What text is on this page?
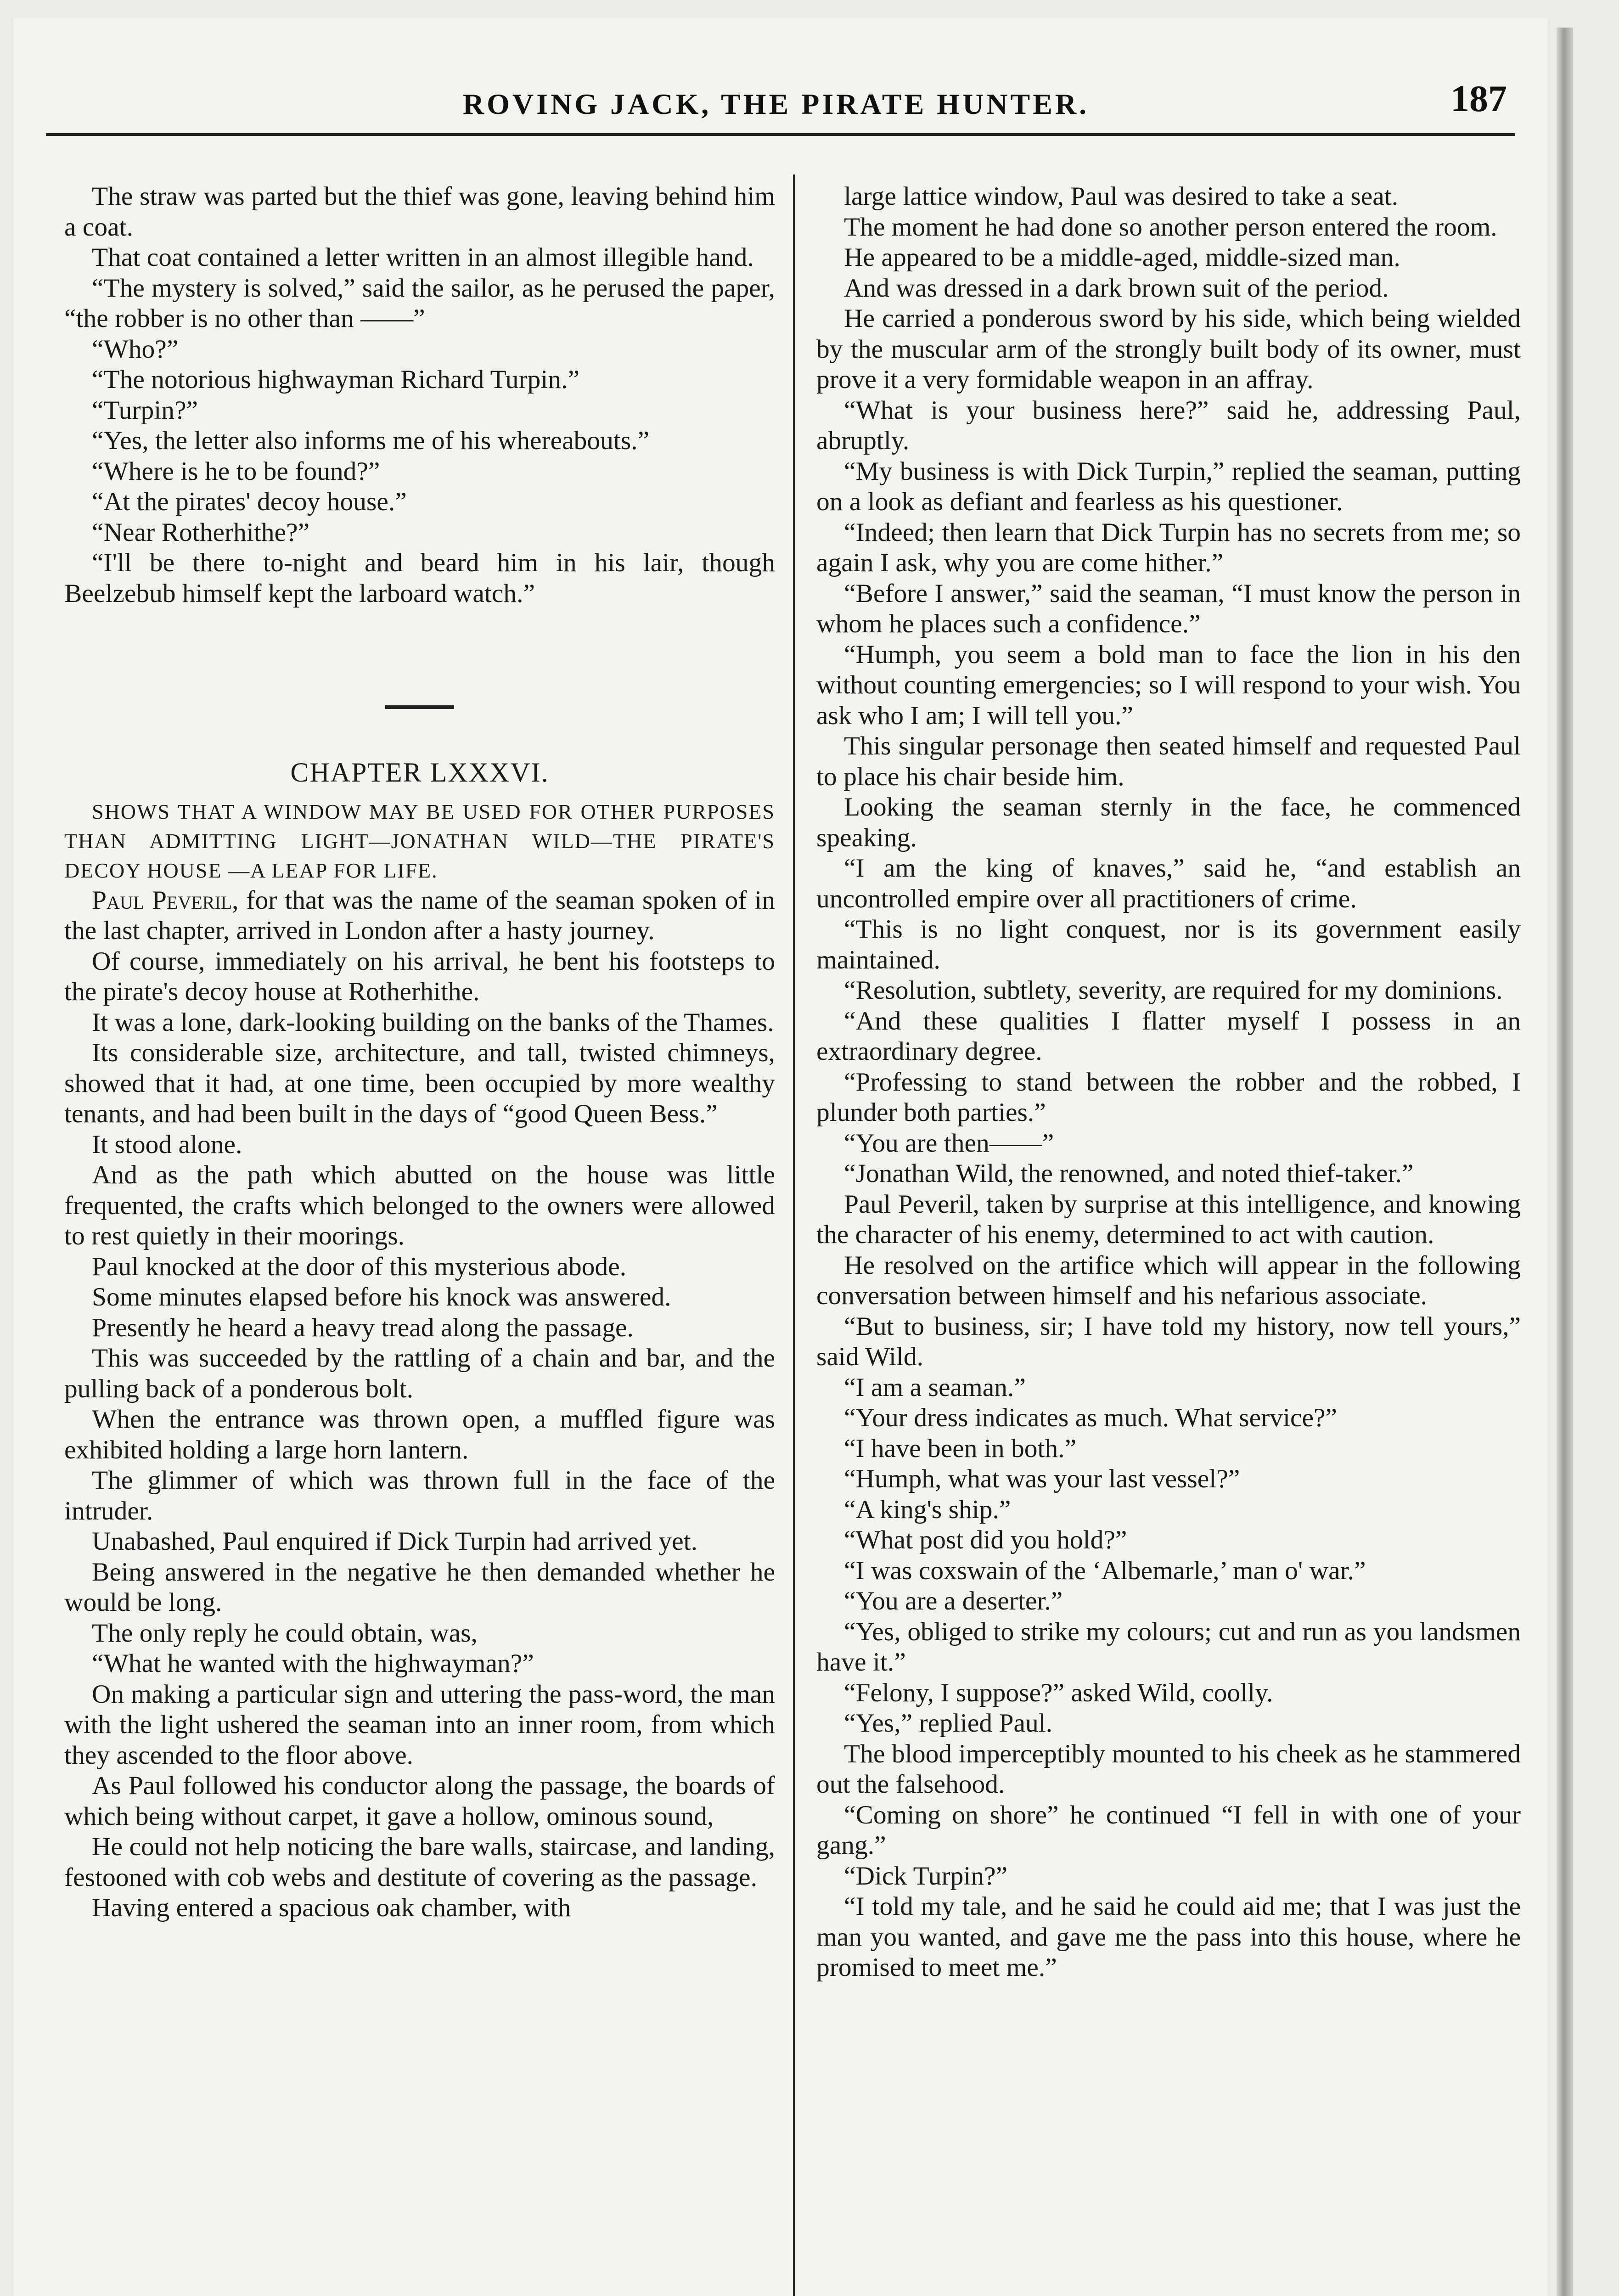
ROVING JACK, THE PIRATE HUNTER.	187

The straw was parted but the thief was gone, leaving behind him a coat.

That coat contained a letter written in an almost illegible hand.

“The mystery is solved,” said the sailor, as he perused the paper, “the robber is no other than ——”

“Who?”

“The notorious highwayman Richard Turpin.”

“Turpin?”

“Yes, the letter also informs me of his whereabouts.”

“Where is he to be found?”

“At the pirates' decoy house.”

“Near Rotherhithe?”

“I'll be there to-night and beard him in his lair, though Beelzebub himself kept the larboard watch.”

CHAPTER LXXXVI.

SHOWS THAT A WINDOW MAY BE USED FOR OTHER PURPOSES THAN ADMITTING LIGHT—JONATHAN WILD—THE PIRATE'S DECOY HOUSE —A LEAP FOR LIFE.

Paul Peveril, for that was the name of the seaman spoken of in the last chapter, arrived in London after a hasty journey.

Of course, immediately on his arrival, he bent his footsteps to the pirate's decoy house at Rotherhithe.

It was a lone, dark-looking building on the banks of the Thames.

Its considerable size, architecture, and tall, twisted chimneys, showed that it had, at one time, been occupied by more wealthy tenants, and had been built in the days of “good Queen Bess.”

It stood alone.

And as the path which abutted on the house was little frequented, the crafts which belonged to the owners were allowed to rest quietly in their moorings.

Paul knocked at the door of this mysterious abode.

Some minutes elapsed before his knock was answered.

Presently he heard a heavy tread along the passage.

This was succeeded by the rattling of a chain and bar, and the pulling back of a ponderous bolt.

When the entrance was thrown open, a muffled figure was exhibited holding a large horn lantern.

The glimmer of which was thrown full in the face of the intruder.

Unabashed, Paul enquired if Dick Turpin had arrived yet.

Being answered in the negative he then demanded whether he would be long.

The only reply he could obtain, was,

“What he wanted with the highwayman?”

On making a particular sign and uttering the pass-word, the man with the light ushered the seaman into an inner room, from which they ascended to the floor above.

As Paul followed his conductor along the passage, the boards of which being without carpet, it gave a hollow, ominous sound,

He could not help noticing the bare walls, staircase, and landing, festooned with cob webs and destitute of covering as the passage.

Having entered a spacious oak chamber, with

large lattice window, Paul was desired to take a seat.

The moment he had done so another person entered the room.

He appeared to be a middle-aged, middle-sized man.

And was dressed in a dark brown suit of the period.

He carried a ponderous sword by his side, which being wielded by the muscular arm of the strongly built body of its owner, must prove it a very formidable weapon in an affray.

“What is your business here?” said he, addressing Paul, abruptly.

“My business is with Dick Turpin,” replied the seaman, putting on a look as defiant and fearless as his questioner.

“Indeed; then learn that Dick Turpin has no secrets from me; so again I ask, why you are come hither.”

“Before I answer,” said the seaman, “I must know the person in whom he places such a confidence.”

“Humph, you seem a bold man to face the lion in his den without counting emergencies; so I will respond to your wish. You ask who I am; I will tell you.”

This singular personage then seated himself and requested Paul to place his chair beside him.

Looking the seaman sternly in the face, he commenced speaking.

“I am the king of knaves,” said he, “and establish an uncontrolled empire over all practitioners of crime.

“This is no light conquest, nor is its government easily maintained.

“Resolution, subtlety, severity, are required for my dominions.

“And these qualities I flatter myself I possess in an extraordinary degree.

“Professing to stand between the robber and the robbed, I plunder both parties.”

“You are then——”

“Jonathan Wild, the renowned, and noted thief-taker.”

Paul Peveril, taken by surprise at this intelligence, and knowing the character of his enemy, determined to act with caution.

He resolved on the artifice which will appear in the following conversation between himself and his nefarious associate.

“But to business, sir; I have told my history, now tell yours,” said Wild.

“I am a seaman.”

“Your dress indicates as much. What service?”

“I have been in both.”

“Humph, what was your last vessel?”

“A king's ship.”

“What post did you hold?”

“I was coxswain of the ‘Albemarle,’ man o' war.”

“You are a deserter.”

“Yes, obliged to strike my colours; cut and run as you landsmen have it.”

“Felony, I suppose?” asked Wild, coolly.

“Yes,” replied Paul.

The blood imperceptibly mounted to his cheek as he stammered out the falsehood.

“Coming on shore” he continued “I fell in with one of your gang.”

“Dick Turpin?”

“I told my tale, and he said he could aid me; that I was just the man you wanted, and gave me the pass into this house, where he promised to meet me.”
